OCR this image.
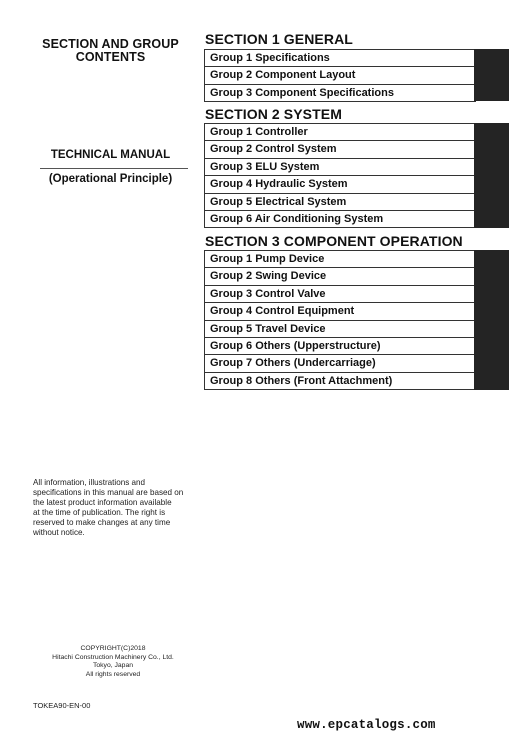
SECTION AND GROUP
CONTENTS
TECHNICAL MANUAL
(Operational Principle)
SECTION 1 GENERAL
Group 1 Specifications
Group 2 Component Layout
Group 3 Component Specifications
SECTION 2 SYSTEM
Group 1 Controller
Group 2 Control System
Group 3 ELU System
Group 4 Hydraulic System
Group 5 Electrical System
Group 6 Air Conditioning System
SECTION 3 COMPONENT OPERATION
Group 1 Pump Device
Group 2 Swing Device
Group 3 Control Valve
Group 4 Control Equipment
Group 5 Travel Device
Group 6 Others (Upperstructure)
Group 7 Others (Undercarriage)
Group 8 Others (Front Attachment)
All information, illustrations and
specifications in this manual are based on
the latest product information available
at the time of publication. The right is
reserved to make changes at any time
without notice.
COPYRIGHT(C)2018
Hitachi Construction Machinery Co., Ltd.
Tokyo, Japan
All rights reserved
TOKEA90-EN-00
www.epcatalogs.com
